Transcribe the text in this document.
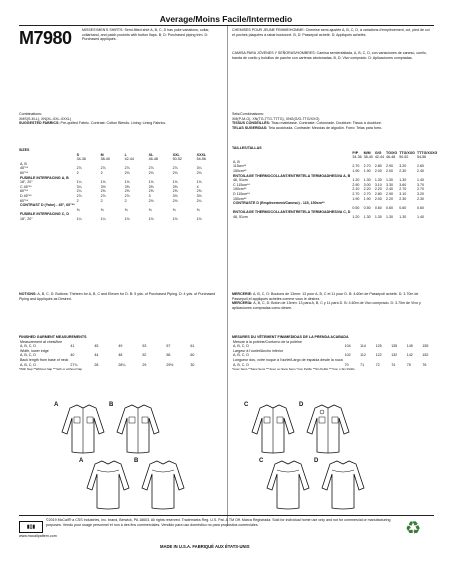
Average/Moins Facile/Intermedio
M7980	MISSES'/MEN'S SHIRTS: Semi-fitted shirt A, B, C, D has yoke variations, collar, collarband, and patch pockets with button flaps. B, D: Purchased piping trim. D: Purchased appliqués.
CHEMISES POUR JEUNE FEMME/HOMME: Chemise semi-ajustée A, B, C, D, à variations d'empiècement, col, pied de col et poches plaquées à rabat boutonné. B, D: Passepoil acheté. D: Appliqués achetés.
CAMISA PARA JÓVENES Y SEÑORAS/HOMBRES: Camisa semientallada, A, B, C, D, con variaciones de canesú, cuello, banda de cuello y bolsillos de parche con carteras abotonadas. B, D: Vivo comprado. D: Aplicaciones compradas.
Combinations:
XMS(S-M-L), XN(XL-XXL-XXXL)
SUGGESTED FABRICS: Pre-quilted Fabric. Contrast: Cotton Blends. Lining: Lining Fabrics.
Sets/Combinaisons:
XM(P-M-G), XN(TG-TTG-TTTG), XNG(G/G-TTG/XXG)
TISSUS CONSEILLÉS: Tissu matelassé. Contraste: Cotonnade. Doublure: Tissus à doublure.
TELAS SUGERIDAS: Tela acolchada. Contraste: Mezclas de algodón. Forro: Telas para forro.
SIZES
	S	M	L	XL	XXL	XXXL
	34-36	38-40	42-44	46-48	50-52	54-56
A, B						
45"**	2⅞	2⅞	2⅞	2⅞	2⅞	3¼
60"**	2	2	2⅛	2⅛	2⅛	2⅛
FUSIBLE INTERFACING A, B						
18", 20"	1¼	1⅛	1⅛	1⅛	1⅛	1⅛
C 45"**	3¼	3½	3⅝	3⅝	3⅝	4
60"**	2¼	2⅜	2⅜	2⅝	2⅝	2⅝
D 45"**	2⅞	2⅞	2⅞	3	3⅛	3⅛
60"**	2	2	2	2⅛	2⅛	2¼
CONTRAST D (Yoke) - 45", 60"**						
	⅜	⅜	⅜	⅜	⅜	⅜
FUSIBLE INTERFACING C, D						
18", 20"	1¼	1¼	1⅛	1⅛	1⅛	1⅛
TAILLES/TALLAS
	P/P	M/M	G/G	TG/XG	TTG/XXG	TTTG/XXXG
	34-36	38-40	42-44	46-48	50-52	54-56
A, B						
115cm**	2.70	2.70	2.80	2.90	3.20	2.60
150cm**	1.90	1.90	2.00	2.00	2.30	2.40
ENTOILAGE THERMOCOLLANT/ENTRETELA TERMOADHESIVA A, B						
46, 51cm	1.20	1.30	1.30	1.30	1.30	1.40
C 115cm**	2.90	3.00	3.10	3.30	3.60	3.70
150cm**	2.10	2.20	2.20	2.40	2.70	2.70
D 115cm**	2.70	2.70	2.80	2.90	3.10	3.20
150cm**	1.90	1.90	2.00	2.20	2.30	2.30
CONTRASTE D (Empiècement/Canesú) - 115, 150cm**						
	0.50	0.50	0.60	0.60	0.60	0.60
ENTOILAGE THERMOCOLLANT/ENTRETELA TERMOADHESIVA C, D						
46, 51cm	1.20	1.30	1.30	1.30	1.30	1.40
NOTIONS: A, B, C, D: Buttons: Thirteen for A, B, C and Eleven for D. B: 5 yds. of Purchased Piping. D: 4 yds. of Purchased Piping and Appliqués as Desired.
MERCERIE: A, B, C, D: Boutons de 13mm: 13 pour A, B, C et 11 pour D. B: 4.60m de Passepoil acheté. D: 3.70m de Passepoil et appliqués achetés comme vous le désirez.
MERCERÍA: A, B, C, D: Botón de 13mm: 13 para A, B, C y 11 para D. B: 4.60m de Vivo comprado. D: 3.70m de Vivo y aplicaciones compradas como desee.
FINISHED GARMENT MEASUREMENTS
Measurement at chest/line						
A, B, C, D	41	45	49	53	57	61
Width, lower edge						
A, B, C, D	40	44	48	52	56	60
Back length from base of neck						
A, B, C, D	27¾	28	28¼	29	29½	30
*With Nap **Without Nap ***with or without Nap
MESURES DU VÊTEMENT FINI/MEDIDAS DE LA PRENDA ACABADA
Mesure à la poitrine/Contorno de la poitrine						
A, B, C, D	104	114	125	135	145	155
Largeur à l'ourlet/Ancho inferior						
A, B, C, D	102	112	122	132	142	152
Longueur dos, votre nuque à l'ourlet/Largo de espalda desde la nuca						
A, B, C, D	70	71	72	74	75	76
*Avec Sens **Sans Sens ***Avec ou Sans Sens *Con Pelillo **Sin Pelillo ***Con o Sin Pelillo
A	B	C	D
A	B	C	D
▮▯▮
©2019 McCall® a CSS Industries, Inc. brand, Berwick, PA 18603. All rights reserved. Trademarks Reg. U.S. Pat. & TM Off. Marca Registrada. Sold for individual home use only and not for commercial or manufacturing purposes. Vendu pour usage personnel et non à des fins commerciales. Vendido para uso doméstico no para propósitos comerciales.
www.mccallpattern.com
MADE IN U.S.A. FABRIQUÉ AUX ÉTATS-UNIS
♻
